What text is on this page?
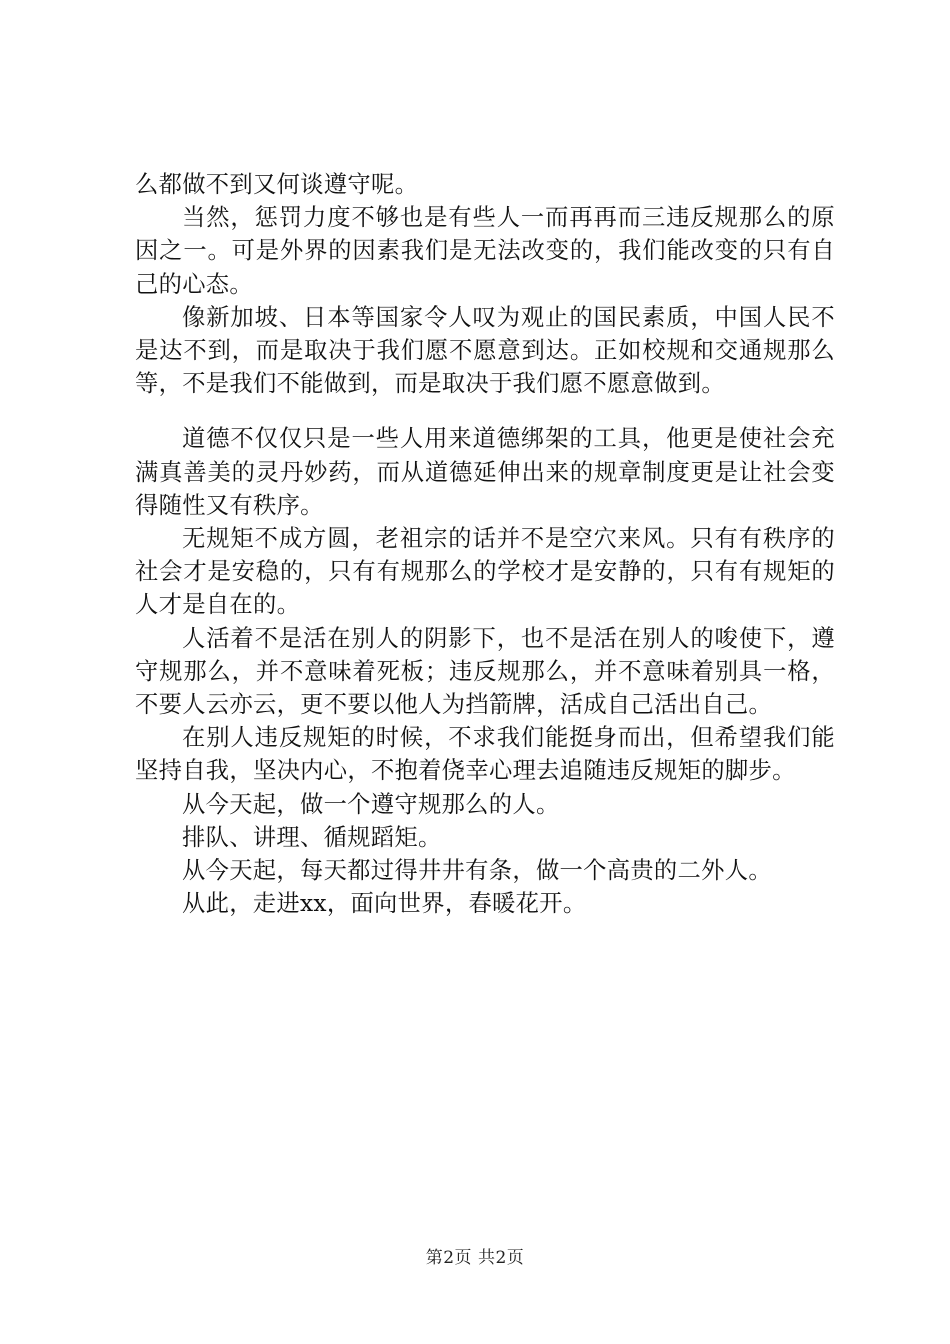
么都做不到又何谈遵守呢。

当然，惩罚力度不够也是有些人一而再再而三违反规那么的原因之一。可是外界的因素我们是无法改变的，我们能改变的只有自己的心态。

像新加坡、日本等国家令人叹为观止的国民素质，中国人民不是达不到，而是取决于我们愿不愿意到达。正如校规和交通规那么等，不是我们不能做到，而是取决于我们愿不愿意做到。

道德不仅仅只是一些人用来道德绑架的工具，他更是使社会充满真善美的灵丹妙药，而从道德延伸出来的规章制度更是让社会变得随性又有秩序。

无规矩不成方圆，老祖宗的话并不是空穴来风。只有有秩序的社会才是安稳的，只有有规那么的学校才是安静的，只有有规矩的人才是自在的。

人活着不是活在别人的阴影下，也不是活在别人的唆使下，遵守规那么，并不意味着死板；违反规那么，并不意味着别具一格，不要人云亦云，更不要以他人为挡箭牌，活成自己活出自己。

在别人违反规矩的时候，不求我们能挺身而出，但希望我们能坚持自我，坚决内心，不抱着侥幸心理去追随违反规矩的脚步。

从今天起，做一个遵守规那么的人。

排队、讲理、循规蹈矩。

从今天起，每天都过得井井有条，做一个高贵的二外人。

从此，走进xx，面向世界，春暖花开。

第2页 共2页
